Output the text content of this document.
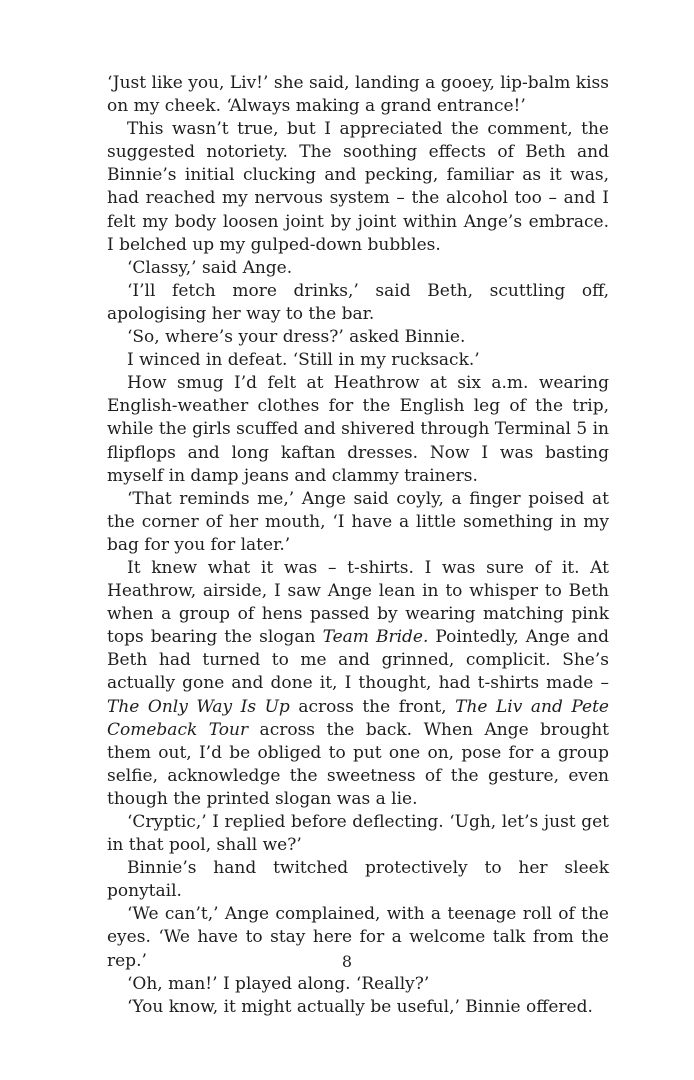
‘Just like you, Liv!’ she said, landing a gooey, lip-balm kiss on my cheek. ‘Always making a grand entrance!’

This wasn’t true, but I appreciated the comment, the suggested notoriety. The soothing effects of Beth and Binnie’s initial clucking and pecking, familiar as it was, had reached my nervous system – the alcohol too – and I felt my body loosen joint by joint within Ange’s embrace. I belched up my gulped-down bubbles.

‘Classy,’ said Ange.

‘I’ll fetch more drinks,’ said Beth, scuttling off, apologising her way to the bar.

‘So, where’s your dress?’ asked Binnie.

I winced in defeat. ‘Still in my rucksack.’

How smug I’d felt at Heathrow at six a.m. wearing English-weather clothes for the English leg of the trip, while the girls scuffed and shivered through Terminal 5 in flipflops and long kaftan dresses. Now I was basting myself in damp jeans and clammy trainers.

‘That reminds me,’ Ange said coyly, a finger poised at the corner of her mouth, ‘I have a little something in my bag for you for later.’

It knew what it was – t-shirts. I was sure of it. At Heathrow, airside, I saw Ange lean in to whisper to Beth when a group of hens passed by wearing matching pink tops bearing the slogan Team Bride. Pointedly, Ange and Beth had turned to me and grinned, complicit. She’s actually gone and done it, I thought, had t-shirts made – The Only Way Is Up across the front, The Liv and Pete Comeback Tour across the back. When Ange brought them out, I’d be obliged to put one on, pose for a group selfie, acknowledge the sweetness of the gesture, even though the printed slogan was a lie.

‘Cryptic,’ I replied before deflecting. ‘Ugh, let’s just get in that pool, shall we?’

Binnie’s hand twitched protectively to her sleek ponytail.

‘We can’t,’ Ange complained, with a teenage roll of the eyes. ‘We have to stay here for a welcome talk from the rep.’

‘Oh, man!’ I played along. ‘Really?’

‘You know, it might actually be useful,’ Binnie offered.

8
